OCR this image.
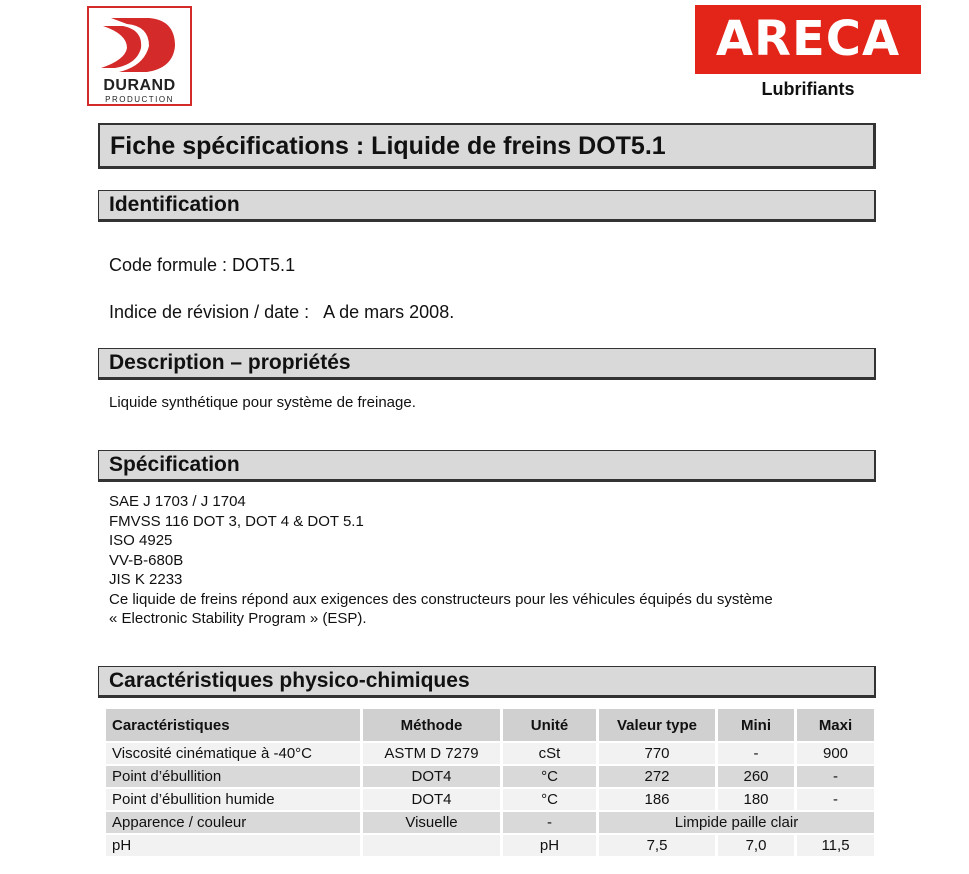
DURAND
PRODUCTION
ARECA
Lubrifiants
Fiche spécifications : Liquide de freins DOT5.1
Identification
Code formule : DOT5.1
Indice de révision / date :   A de mars 2008.
Description – propriétés
Liquide synthétique pour système de freinage.
Spécification
SAE J 1703 / J 1704
FMVSS 116 DOT 3, DOT 4 & DOT 5.1
ISO 4925
VV-B-680B
JIS K 2233
Ce liquide de freins répond aux exigences des constructeurs pour les véhicules équipés du système
« Electronic Stability Program » (ESP).
Caractéristiques physico-chimiques
Caractéristiques	Méthode	Unité	Valeur type	Mini	Maxi
Viscosité cinématique à -40°C	ASTM D 7279	cSt	770	-	900
Point d’ébullition	DOT4	°C	272	260	-
Point d’ébullition humide	DOT4	°C	186	180	-
Apparence / couleur	Visuelle	-	Limpide paille clair		
pH		pH	7,5	7,0	11,5
